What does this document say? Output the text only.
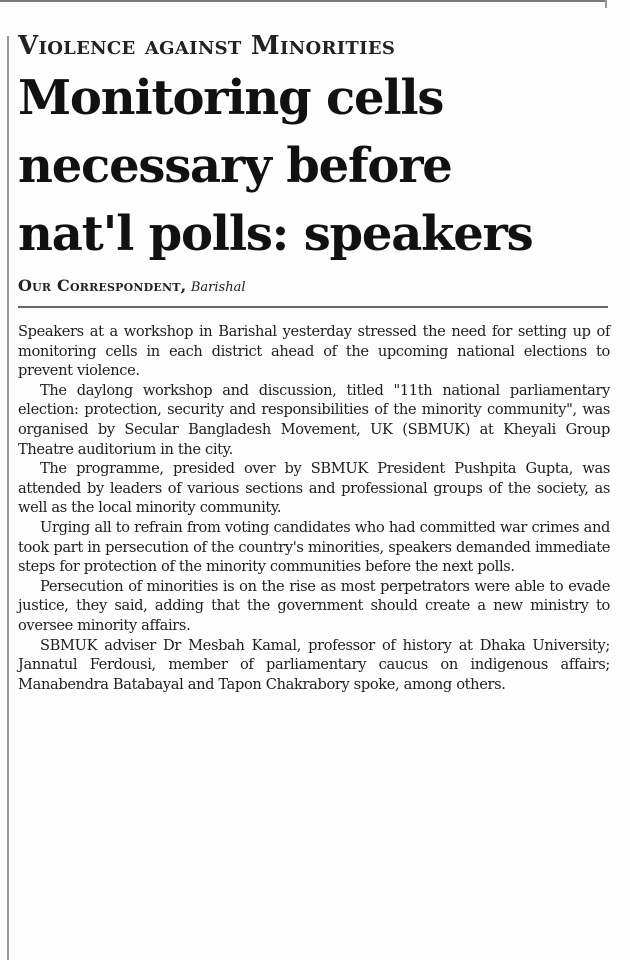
Violence against Minorities
Monitoring cells
necessary before
nat'l polls: speakers
Our Correspondent, Barishal

Speakers at a workshop in Barishal yesterday stressed the need for setting up of monitoring cells in each district ahead of the upcoming national elections to prevent violence.

The daylong workshop and discussion, titled "11th national parliamentary election: protection, security and responsibilities of the minority community", was organised by Secular Bangladesh Movement, UK (SBMUK) at Kheyali Group Theatre auditorium in the city.

The programme, presided over by SBMUK President Pushpita Gupta, was attended by leaders of various sections and professional groups of the society, as well as the local minority community.

Urging all to refrain from voting candidates who had committed war crimes and took part in persecution of the country's minorities, speakers demanded immediate steps for protection of the minority communities before the next polls.

Persecution of minorities is on the rise as most perpetrators were able to evade justice, they said, adding that the government should create a new ministry to oversee minority affairs.

SBMUK adviser Dr Mesbah Kamal, professor of history at Dhaka University; Jannatul Ferdousi, member of parliamentary caucus on indigenous affairs; Manabendra Batabayal and Tapon Chakrabory spoke, among others.
